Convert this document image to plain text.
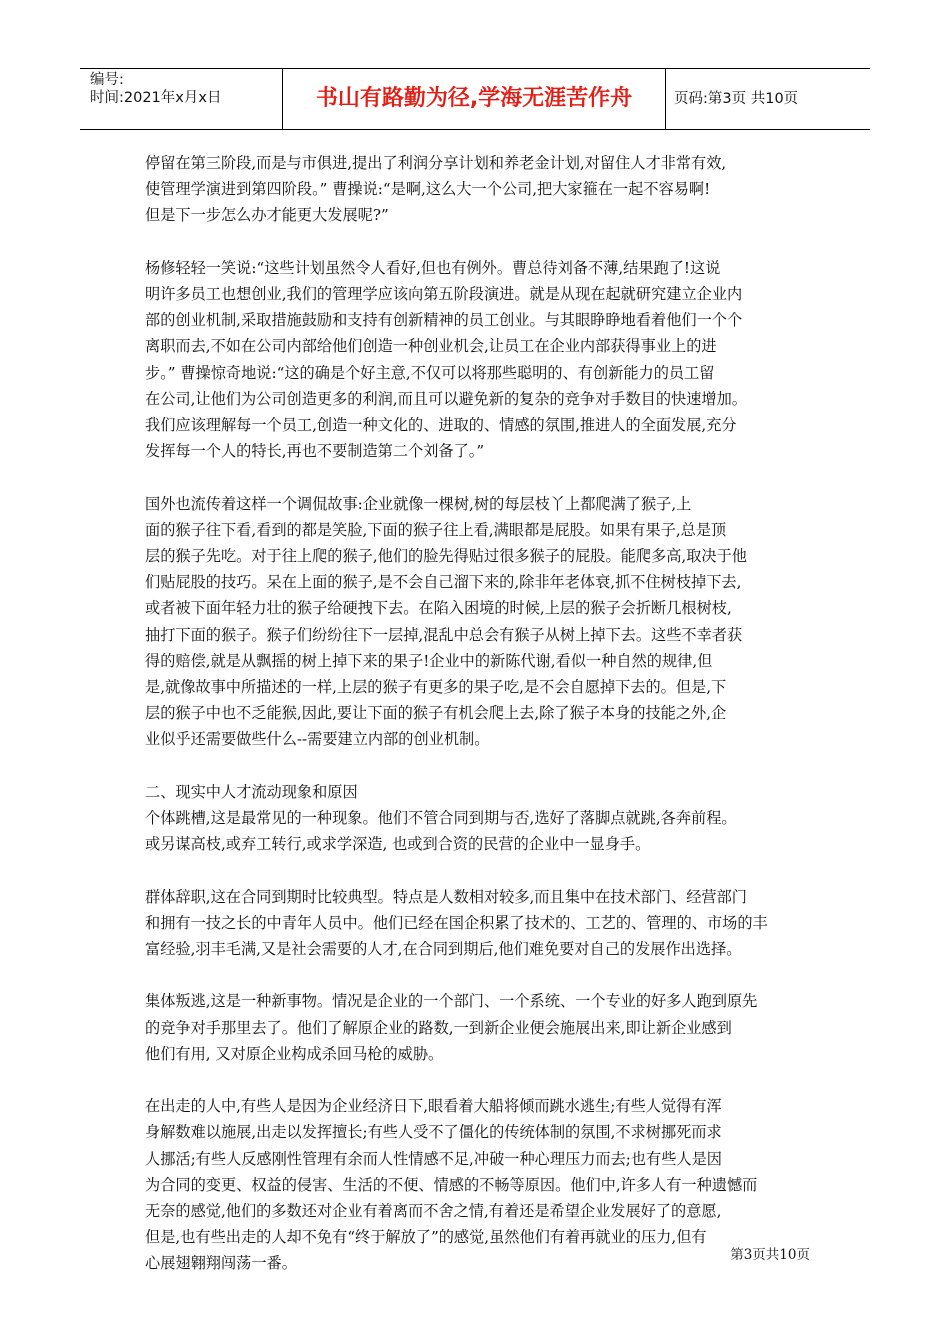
编号:
时间:2021年x月x日	书山有路勤为径,学海无涯苦作舟	页码:第3页 共10页

停留在第三阶段,而是与市俱进,提出了利润分享计划和养老金计划,对留住人才非常有效,

使管理学演进到第四阶段。” 曹操说:“是啊,这么大一个公司,把大家箍在一起不容易啊!

但是下一步怎么办才能更大发展呢?”

杨修轻轻一笑说:“这些计划虽然令人看好,但也有例外。曹总待刘备不薄,结果跑了!这说

明许多员工也想创业,我们的管理学应该向第五阶段演进。就是从现在起就研究建立企业内

部的创业机制,采取措施鼓励和支持有创新精神的员工创业。与其眼睁睁地看着他们一个个

离职而去,不如在公司内部给他们创造一种创业机会,让员工在企业内部获得事业上的进

步。” 曹操惊奇地说:“这的确是个好主意,不仅可以将那些聪明的、有创新能力的员工留

在公司,让他们为公司创造更多的利润,而且可以避免新的复杂的竞争对手数目的快速增加。

我们应该理解每一个员工,创造一种文化的、进取的、情感的氛围,推进人的全面发展,充分

发挥每一个人的特长,再也不要制造第二个刘备了。”

国外也流传着这样一个调侃故事:企业就像一棵树,树的每层枝丫上都爬满了猴子,上

面的猴子往下看,看到的都是笑脸,下面的猴子往上看,满眼都是屁股。如果有果子,总是顶

层的猴子先吃。对于往上爬的猴子,他们的脸先得贴过很多猴子的屁股。能爬多高,取决于他

们贴屁股的技巧。呆在上面的猴子,是不会自己溜下来的,除非年老体衰,抓不住树枝掉下去,

或者被下面年轻力壮的猴子给硬拽下去。在陷入困境的时候,上层的猴子会折断几根树枝,

抽打下面的猴子。猴子们纷纷往下一层掉,混乱中总会有猴子从树上掉下去。这些不幸者获

得的赔偿,就是从飘摇的树上掉下来的果子!企业中的新陈代谢,看似一种自然的规律,但

是,就像故事中所描述的一样,上层的猴子有更多的果子吃,是不会自愿掉下去的。但是,下

层的猴子中也不乏能猴,因此,要让下面的猴子有机会爬上去,除了猴子本身的技能之外,企

业似乎还需要做些什么--需要建立内部的创业机制。

二、现实中人才流动现象和原因

个体跳槽,这是最常见的一种现象。他们不管合同到期与否,选好了落脚点就跳,各奔前程。

或另谋高枝,或弃工转行,或求学深造, 也或到合资的民营的企业中一显身手。

群体辞职,这在合同到期时比较典型。特点是人数相对较多,而且集中在技术部门、经营部门

和拥有一技之长的中青年人员中。他们已经在国企积累了技术的、工艺的、管理的、市场的丰

富经验,羽丰毛满,又是社会需要的人才,在合同到期后,他们难免要对自己的发展作出选择。

集体叛逃,这是一种新事物。情况是企业的一个部门、一个系统、一个专业的好多人跑到原先

的竞争对手那里去了。他们了解原企业的路数,一到新企业便会施展出来,即让新企业感到

他们有用, 又对原企业构成杀回马枪的威胁。

在出走的人中,有些人是因为企业经济日下,眼看着大船将倾而跳水逃生;有些人觉得有浑

身解数难以施展,出走以发挥擅长;有些人受不了僵化的传统体制的氛围,不求树挪死而求

人挪活;有些人反感刚性管理有余而人性情感不足,冲破一种心理压力而去;也有些人是因

为合同的变更、权益的侵害、生活的不便、情感的不畅等原因。他们中,许多人有一种遗憾而

无奈的感觉,他们的多数还对企业有着离而不舍之情,有着还是希望企业发展好了的意愿,

但是,也有些出走的人却不免有“终于解放了”的感觉,虽然他们有着再就业的压力,但有

心展翅翱翔闯荡一番。	第3页共10页
